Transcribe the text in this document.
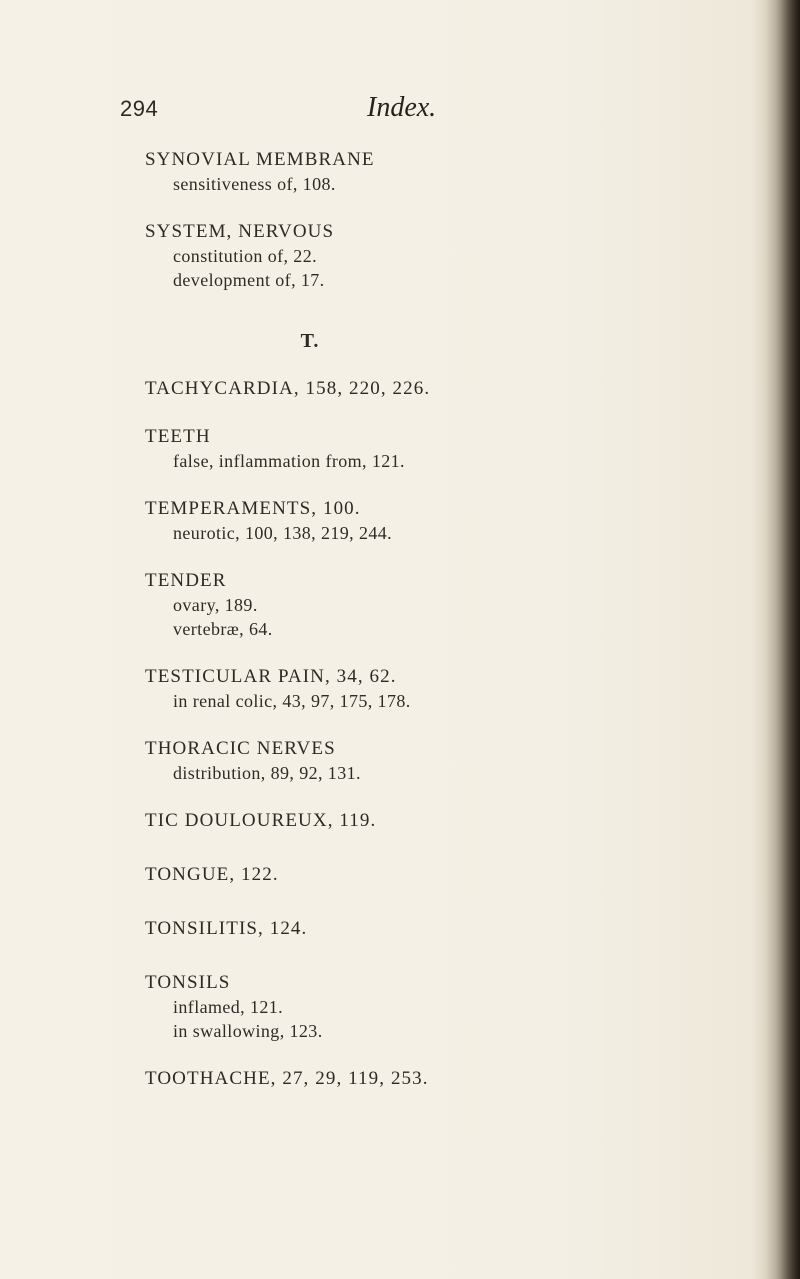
294	Index.
SYNOVIAL MEMBRANE
sensitiveness of, 108.
SYSTEM, NERVOUS
constitution of, 22.
development of, 17.
T.
TACHYCARDIA, 158, 220, 226.
TEETH
false, inflammation from, 121.
TEMPERAMENTS, 100.
neurotic, 100, 138, 219, 244.
TENDER
ovary, 189.
vertebræ, 64.
TESTICULAR PAIN, 34, 62.
in renal colic, 43, 97, 175, 178.
THORACIC NERVES
distribution, 89, 92, 131.
TIC DOULOUREUX, 119.
TONGUE, 122.
TONSILITIS, 124.
TONSILS
inflamed, 121.
in swallowing, 123.
TOOTHACHE, 27, 29, 119, 253.
